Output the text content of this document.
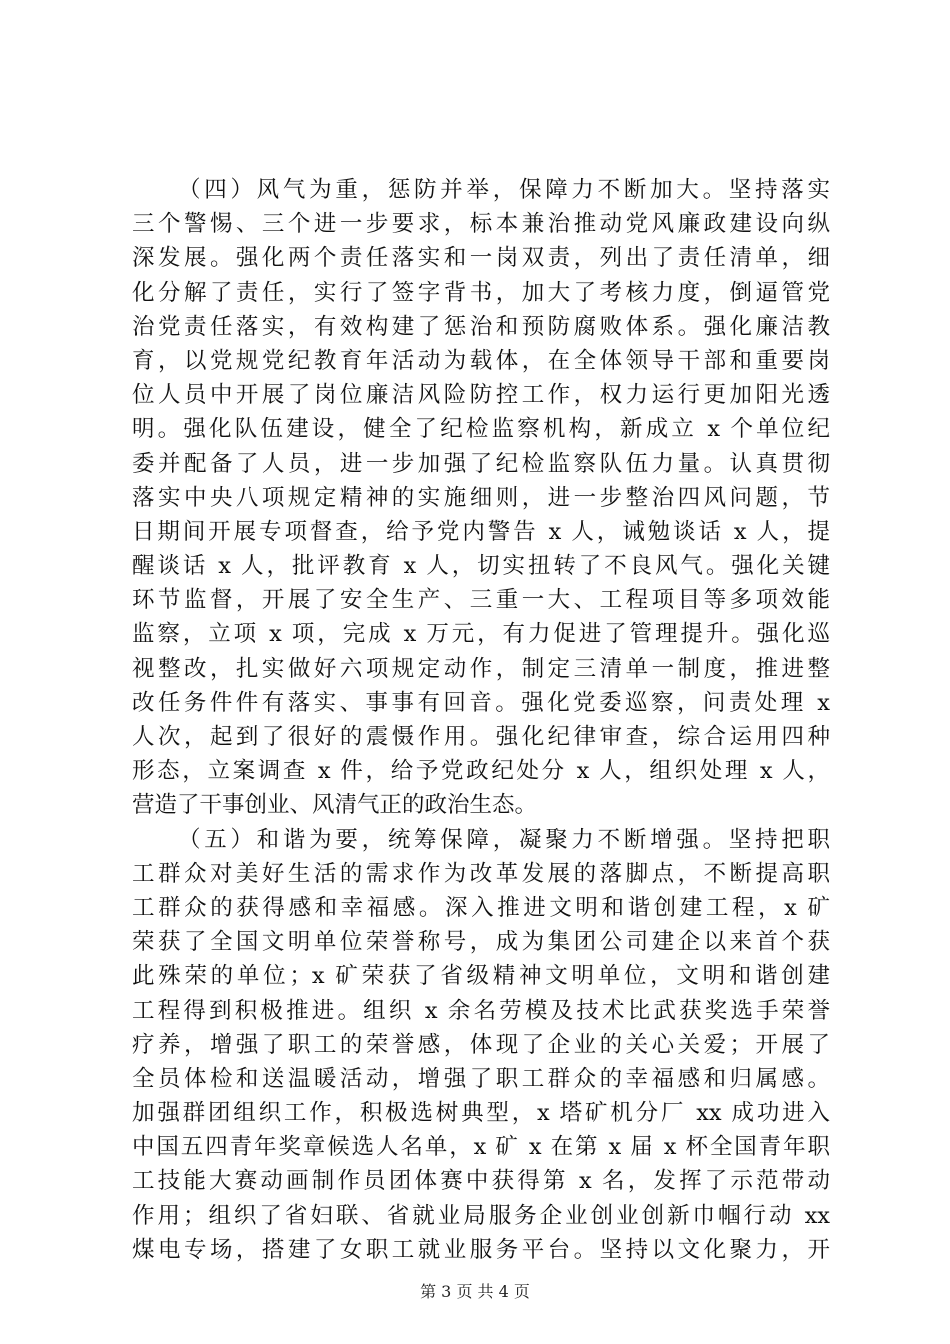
（四）风气为重，惩防并举，保障力不断加大。坚持落实
三个警惕、三个进一步要求，标本兼治推动党风廉政建设向纵
深发展。强化两个责任落实和一岗双责，列出了责任清单，细
化分解了责任，实行了签字背书，加大了考核力度，倒逼管党
治党责任落实，有效构建了惩治和预防腐败体系。强化廉洁教
育，以党规党纪教育年活动为载体，在全体领导干部和重要岗
位人员中开展了岗位廉洁风险防控工作，权力运行更加阳光透
明。强化队伍建设，健全了纪检监察机构，新成立 x 个单位纪
委并配备了人员，进一步加强了纪检监察队伍力量。认真贯彻
落实中央八项规定精神的实施细则，进一步整治四风问题，节
日期间开展专项督查，给予党内警告 x 人，诫勉谈话 x 人，提
醒谈话 x 人，批评教育 x 人，切实扭转了不良风气。强化关键
环节监督，开展了安全生产、三重一大、工程项目等多项效能
监察，立项 x 项，完成 x 万元，有力促进了管理提升。强化巡
视整改，扎实做好六项规定动作，制定三清单一制度，推进整
改任务件件有落实、事事有回音。强化党委巡察，问责处理 x
人次，起到了很好的震慑作用。强化纪律审查，综合运用四种
形态，立案调查 x 件，给予党政纪处分 x 人，组织处理 x 人，
营造了干事创业、风清气正的政治生态。
（五）和谐为要，统筹保障，凝聚力不断增强。坚持把职
工群众对美好生活的需求作为改革发展的落脚点，不断提高职
工群众的获得感和幸福感。深入推进文明和谐创建工程，x 矿
荣获了全国文明单位荣誉称号，成为集团公司建企以来首个获
此殊荣的单位；x 矿荣获了省级精神文明单位，文明和谐创建
工程得到积极推进。组织 x 余名劳模及技术比武获奖选手荣誉
疗养，增强了职工的荣誉感，体现了企业的关心关爱；开展了
全员体检和送温暖活动，增强了职工群众的幸福感和归属感。
加强群团组织工作，积极选树典型，x 塔矿机分厂 xx 成功进入
中国五四青年奖章候选人名单，x 矿 x 在第 x 届 x 杯全国青年职
工技能大赛动画制作员团体赛中获得第 x 名，发挥了示范带动
作用；组织了省妇联、省就业局服务企业创业创新巾帼行动 xx
煤电专场，搭建了女职工就业服务平台。坚持以文化聚力，开
第 3 页 共 4 页
